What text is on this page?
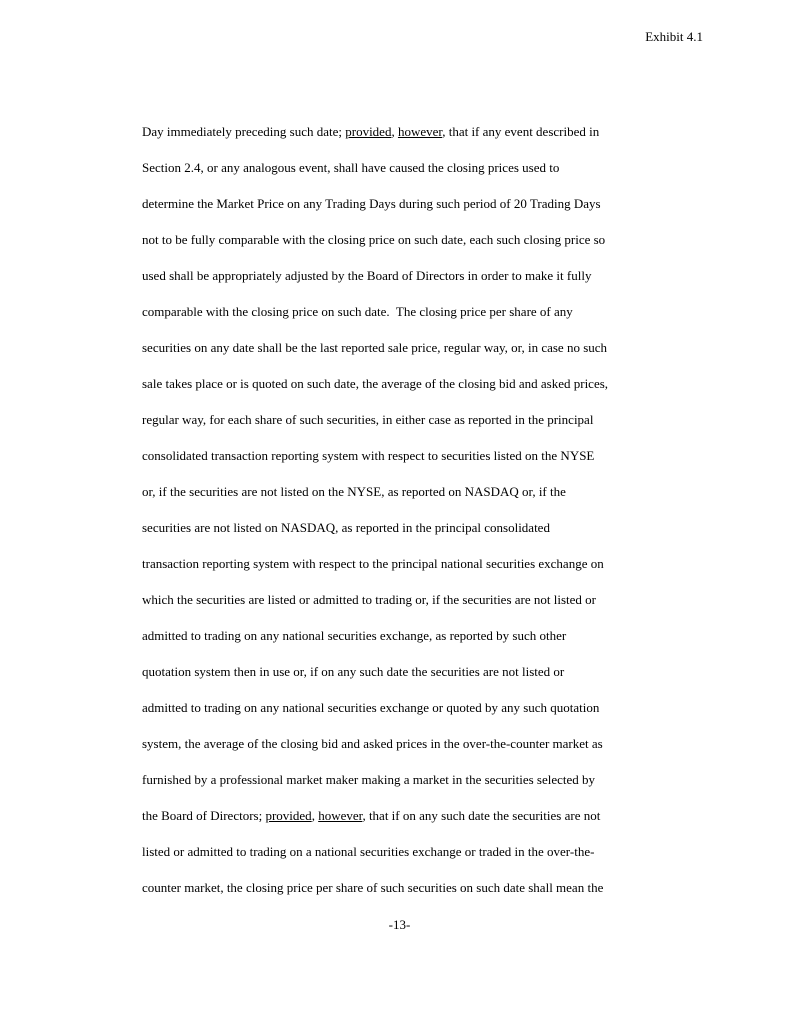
Exhibit 4.1
Day immediately preceding such date; provided, however, that if any event described in
Section 2.4, or any analogous event, shall have caused the closing prices used to
determine the Market Price on any Trading Days during such period of 20 Trading Days
not to be fully comparable with the closing price on such date, each such closing price so
used shall be appropriately adjusted by the Board of Directors in order to make it fully
comparable with the closing price on such date.  The closing price per share of any
securities on any date shall be the last reported sale price, regular way, or, in case no such
sale takes place or is quoted on such date, the average of the closing bid and asked prices,
regular way, for each share of such securities, in either case as reported in the principal
consolidated transaction reporting system with respect to securities listed on the NYSE
or, if the securities are not listed on the NYSE, as reported on NASDAQ or, if the
securities are not listed on NASDAQ, as reported in the principal consolidated
transaction reporting system with respect to the principal national securities exchange on
which the securities are listed or admitted to trading or, if the securities are not listed or
admitted to trading on any national securities exchange, as reported by such other
quotation system then in use or, if on any such date the securities are not listed or
admitted to trading on any national securities exchange or quoted by any such quotation
system, the average of the closing bid and asked prices in the over-the-counter market as
furnished by a professional market maker making a market in the securities selected by
the Board of Directors; provided, however, that if on any such date the securities are not
listed or admitted to trading on a national securities exchange or traded in the over-the-
counter market, the closing price per share of such securities on such date shall mean the
-13-
